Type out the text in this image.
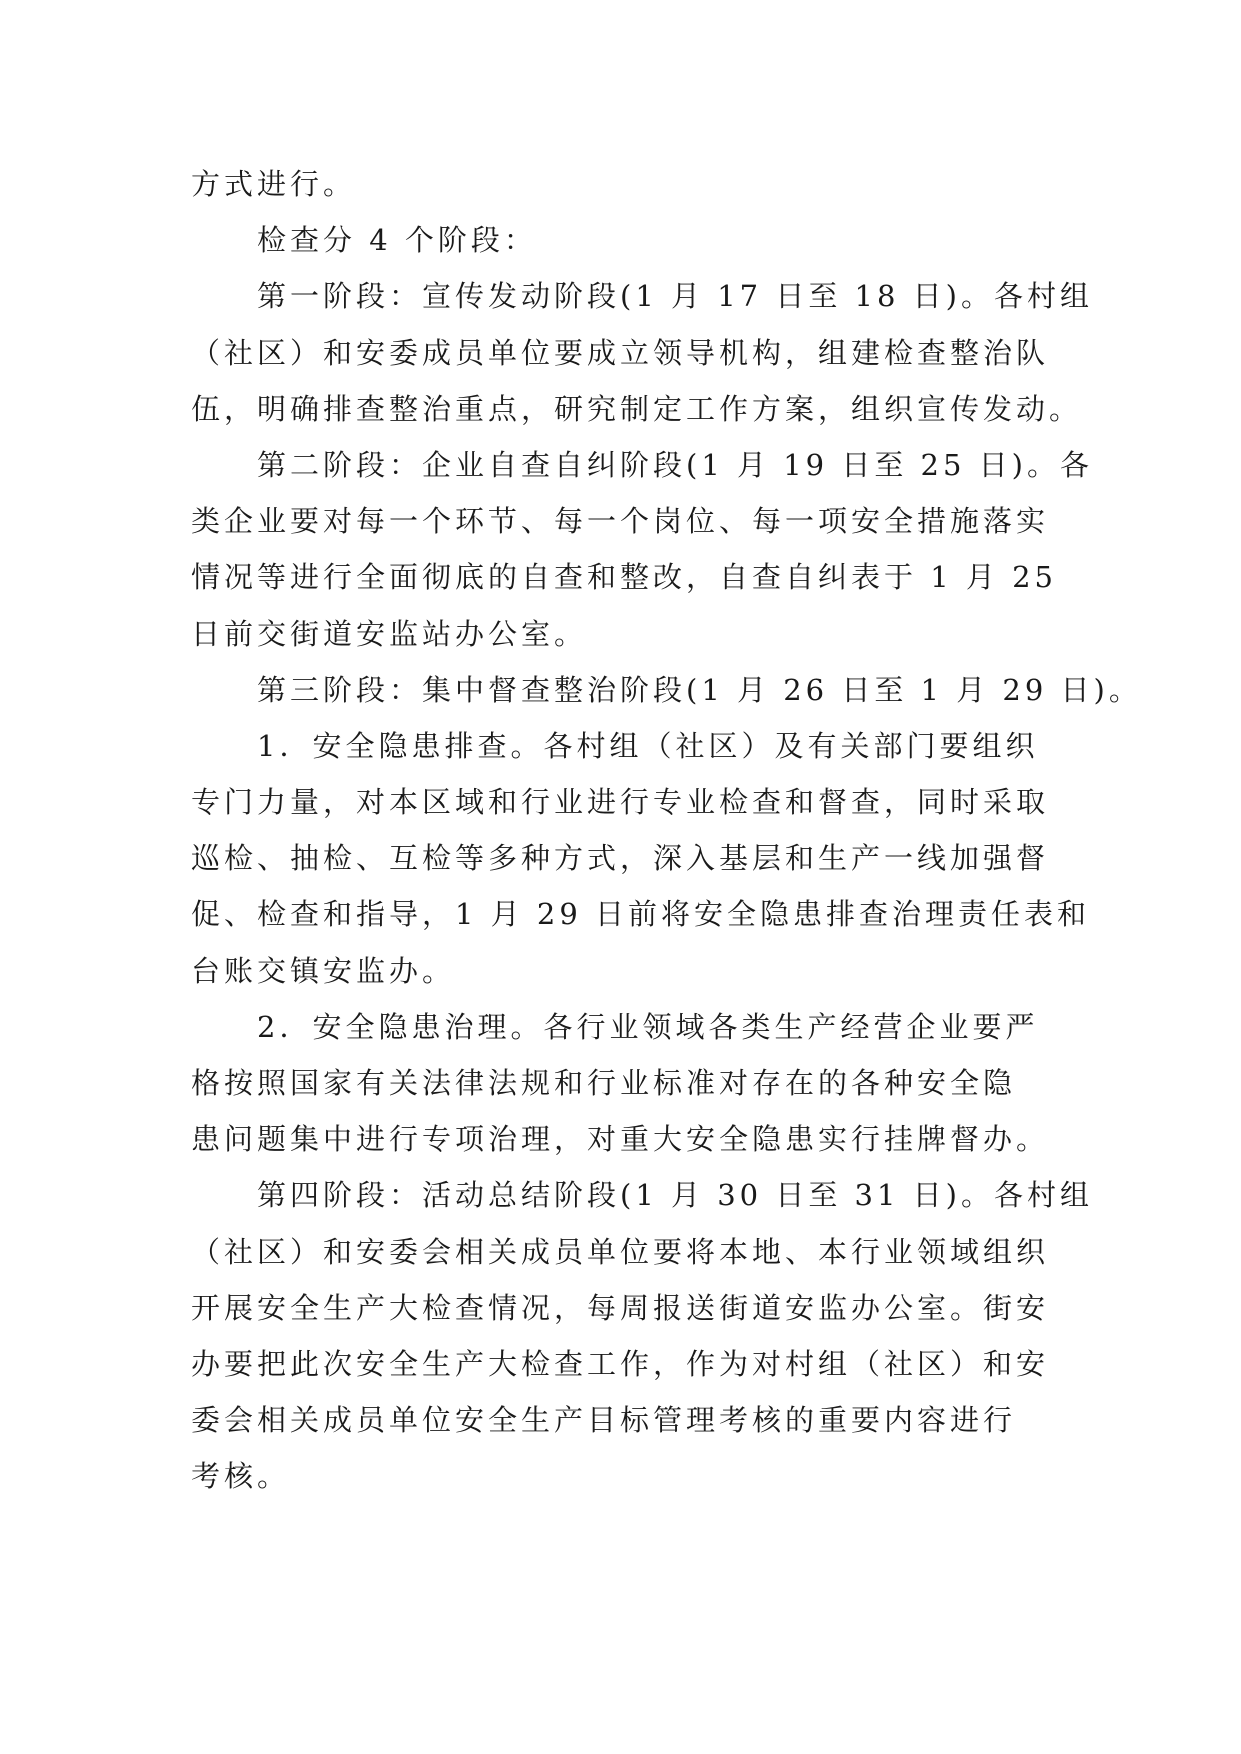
方式进行。

　　检查分 4 个阶段：

　　第一阶段：宣传发动阶段(1 月 17 日至 18 日)。各村组

（社区）和安委成员单位要成立领导机构，组建检查整治队

伍，明确排查整治重点，研究制定工作方案，组织宣传发动。

　　第二阶段：企业自查自纠阶段(1 月 19 日至 25 日)。各

类企业要对每一个环节、每一个岗位、每一项安全措施落实

情况等进行全面彻底的自查和整改，自查自纠表于 1 月 25

日前交街道安监站办公室。

　　第三阶段：集中督查整治阶段(1 月 26 日至 1 月 29 日)。

　　1．安全隐患排查。各村组（社区）及有关部门要组织

专门力量，对本区域和行业进行专业检查和督查，同时采取

巡检、抽检、互检等多种方式，深入基层和生产一线加强督

促、检查和指导，1 月 29 日前将安全隐患排查治理责任表和

台账交镇安监办。

　　2．安全隐患治理。各行业领域各类生产经营企业要严

格按照国家有关法律法规和行业标准对存在的各种安全隐

患问题集中进行专项治理，对重大安全隐患实行挂牌督办。

　　第四阶段：活动总结阶段(1 月 30 日至 31 日)。各村组

（社区）和安委会相关成员单位要将本地、本行业领域组织

开展安全生产大检查情况，每周报送街道安监办公室。街安

办要把此次安全生产大检查工作，作为对村组（社区）和安

委会相关成员单位安全生产目标管理考核的重要内容进行

考核。
